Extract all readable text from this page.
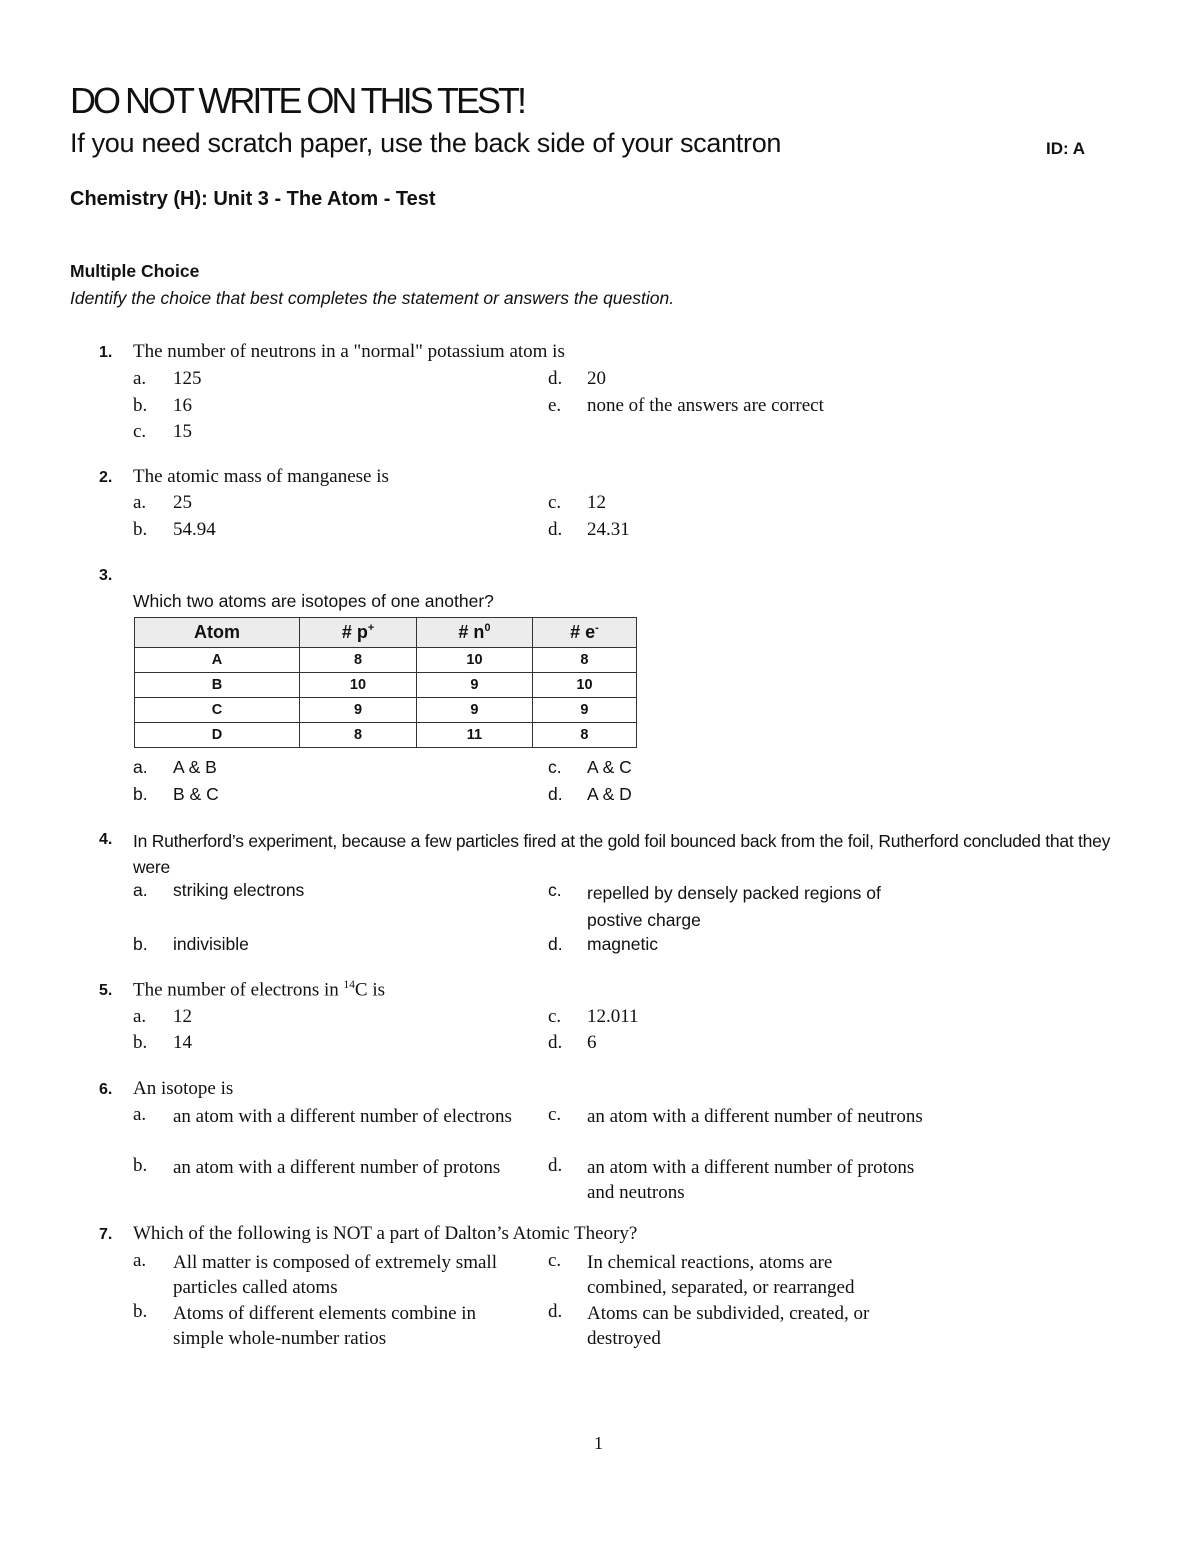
DO NOT WRITE ON THIS TEST!
If you need scratch paper, use the back side of your scantron	ID: A
Chemistry (H): Unit 3 - The Atom - Test
Multiple Choice
Identify the choice that best completes the statement or answers the question.
1. The number of neutrons in a "normal" potassium atom is
a. 125
b. 16
c. 15
d. 20
e. none of the answers are correct
2. The atomic mass of manganese is
a. 25
b. 54.94
c. 12
d. 24.31
3.
Which two atoms are isotopes of one another?
Atom	# p+	# $n^0$	# e-
A	8	10	8
B	10	9	10
C	9	9	9
D	8	11	8
a. A & B
b. B & C
c. A & C
d. A & D
4. In Rutherford’s experiment, because a few particles fired at the gold foil bounced back from the foil, Rutherford concluded that they were
a. striking electrons
b. indivisible
c. repelled by densely packed regions of postive charge
d. magnetic
5. The number of electrons in $^{14}$C is
a. 12
b. 14
c. 12.011
d. 6
6. An isotope is
a. an atom with a different number of electrons
b. an atom with a different number of protons
c. an atom with a different number of neutrons
d. an atom with a different number of protons and neutrons
7. Which of the following is NOT a part of Dalton’s Atomic Theory?
a. All matter is composed of extremely small particles called atoms
b. Atoms of different elements combine in simple whole-number ratios
c. In chemical reactions, atoms are combined, separated, or rearranged
d. Atoms can be subdivided, created, or destroyed
1
